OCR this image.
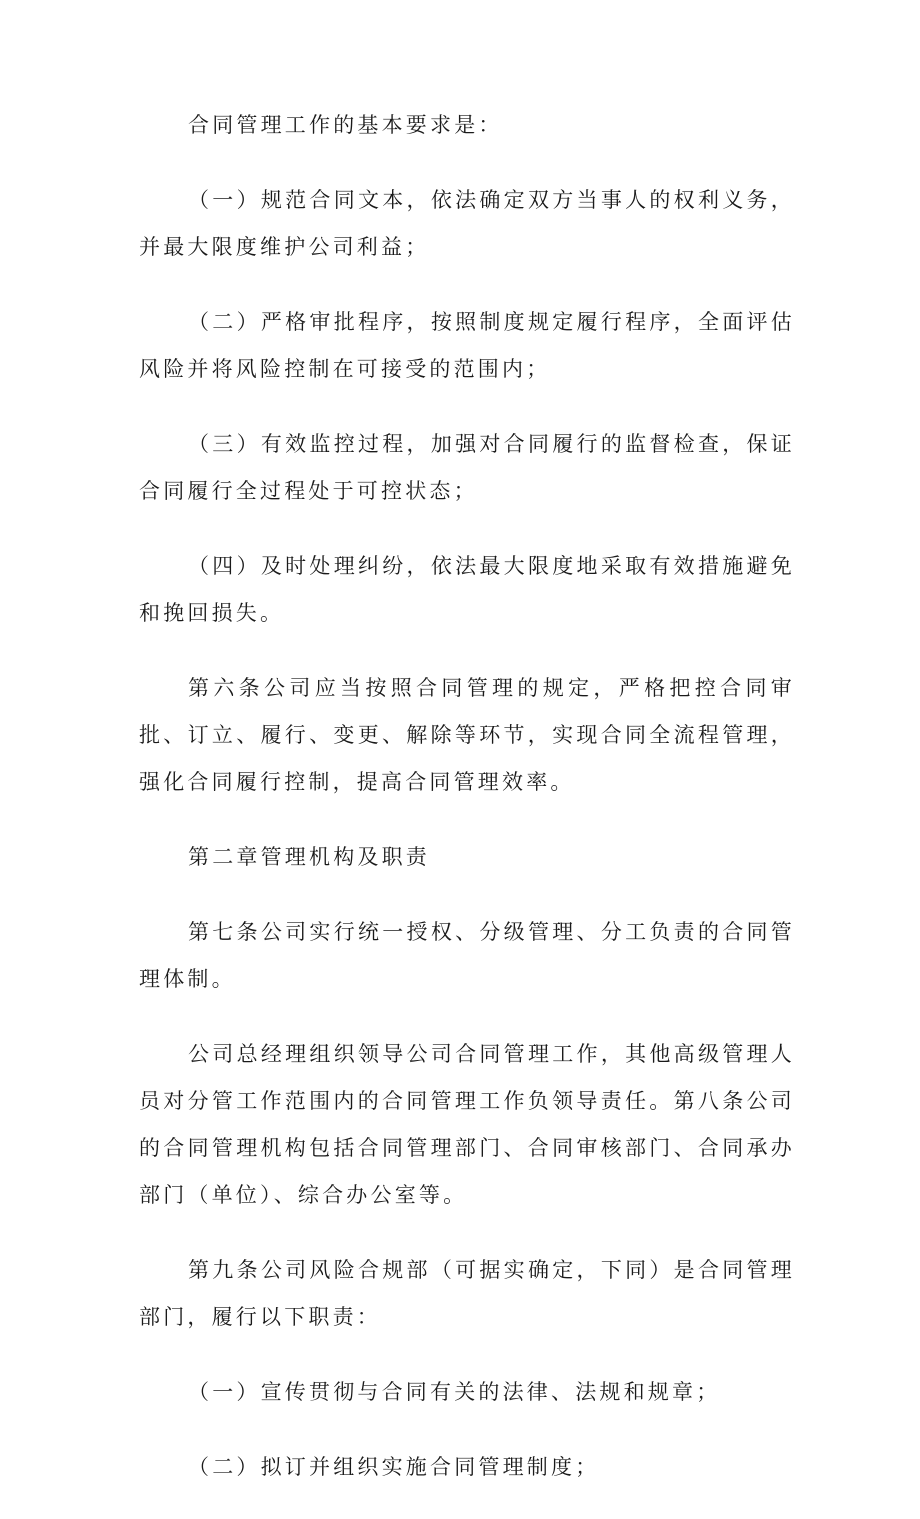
合同管理工作的基本要求是：

（一）规范合同文本，依法确定双方当事人的权利义务，并最大限度维护公司利益；

（二）严格审批程序，按照制度规定履行程序，全面评估风险并将风险控制在可接受的范围内；

（三）有效监控过程，加强对合同履行的监督检查，保证合同履行全过程处于可控状态；

（四）及时处理纠纷，依法最大限度地采取有效措施避免和挽回损失。

第六条公司应当按照合同管理的规定，严格把控合同审批、订立、履行、变更、解除等环节，实现合同全流程管理，强化合同履行控制，提高合同管理效率。

第二章管理机构及职责

第七条公司实行统一授权、分级管理、分工负责的合同管理体制。

公司总经理组织领导公司合同管理工作，其他高级管理人员对分管工作范围内的合同管理工作负领导责任。第八条公司的合同管理机构包括合同管理部门、合同审核部门、合同承办部门（单位）、综合办公室等。

第九条公司风险合规部（可据实确定，下同）是合同管理部门，履行以下职责：

（一）宣传贯彻与合同有关的法律、法规和规章；

（二）拟订并组织实施合同管理制度；
